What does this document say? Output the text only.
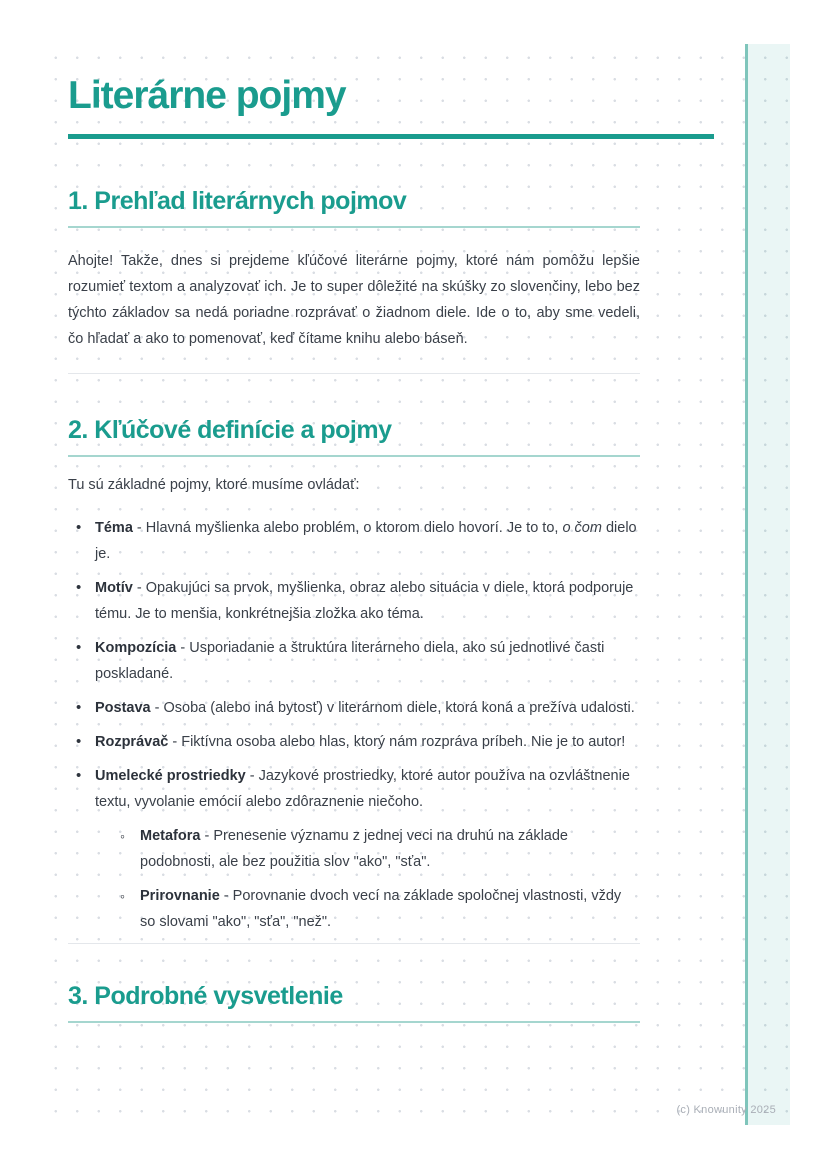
Literárne pojmy
1. Prehľad literárnych pojmov

Ahojte! Takže, dnes si prejdeme kľúčové literárne pojmy, ktoré nám pomôžu lepšie rozumieť textom a analyzovať ich. Je to super dôležité na skúšky zo slovenčiny, lebo bez týchto základov sa nedá poriadne rozprávať o žiadnom diele. Ide o to, aby sme vedeli, čo hľadať a ako to pomenovať, keď čítame knihu alebo báseň.

2. Kľúčové definície a pojmy

Tu sú základné pojmy, ktoré musíme ovládať:

• Téma - Hlavná myšlienka alebo problém, o ktorom dielo hovorí. Je to to, o čom dielo je.
• Motív - Opakujúci sa prvok, myšlienka, obraz alebo situácia v diele, ktorá podporuje tému. Je to menšia, konkrétnejšia zložka ako téma.
• Kompozícia - Usporiadanie a štruktúra literárneho diela, ako sú jednotlivé časti poskladané.
• Postava - Osoba (alebo iná bytosť) v literárnom diele, ktorá koná a prežíva udalosti.
• Rozprávač - Fiktívna osoba alebo hlas, ktorý nám rozpráva príbeh. Nie je to autor!
• Umelecké prostriedky - Jazykové prostriedky, ktoré autor používa na ozvláštnenie textu, vyvolanie emócií alebo zdôraznenie niečoho.
◦ Metafora - Prenesenie významu z jednej veci na druhú na základe podobnosti, ale bez použitia slov "ako", "sťa".
◦ Prirovnanie - Porovnanie dvoch vecí na základe spoločnej vlastnosti, vždy so slovami "ako", "sťa", "než".
3. Podrobné vysvetlenie
(c) Knowunity 2025
